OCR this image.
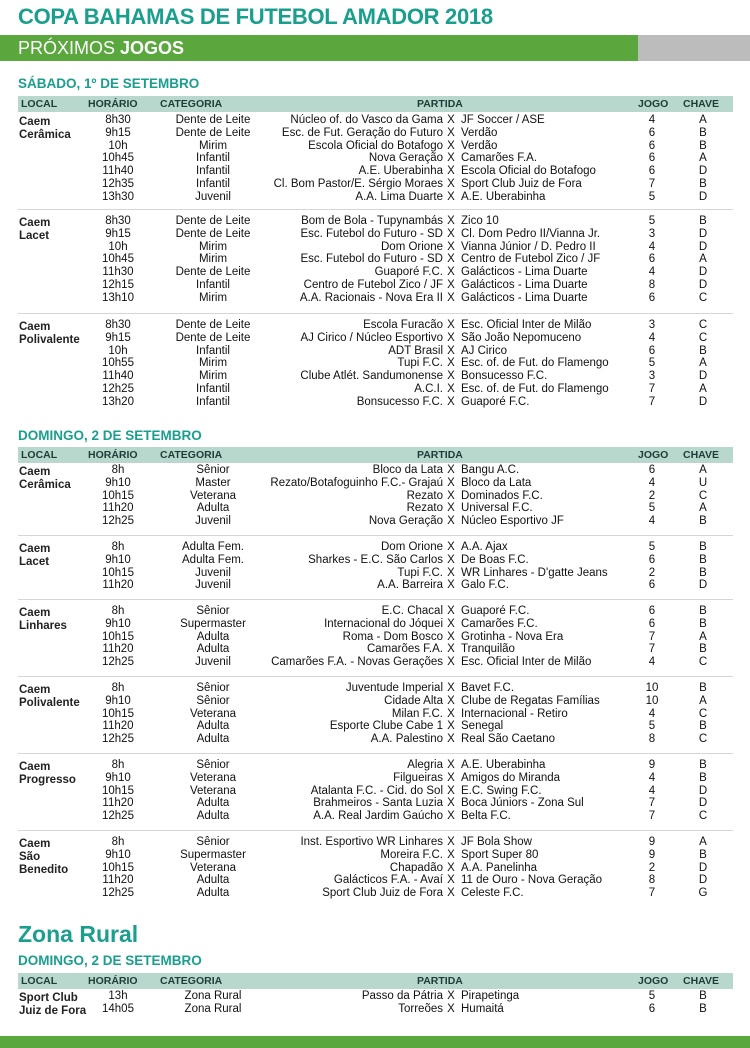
COPA BAHAMAS DE FUTEBOL AMADOR 2018
PRÓXIMOS JOGOS
SÁBADO, 1º DE SETEMBRO
LOCAL	HORÁRIO CATEGORIA	PARTIDA	JOGO CHAVE
Caem
Cerâmica
8h30	Dente de Leite	Núcleo of. do Vasco da Gama X JF Soccer / ASE	4	A
9h15	Dente de Leite	Esc. de Fut. Geração do Futuro X Verdão	6	B
10h	Mirim	Escola Oficial do Botafogo X Verdão	6	B
10h45	Infantil	Nova Geração X Camarões F.A.	6	A
11h40	Infantil	A.E. Uberabinha X Escola Oficial do Botafogo	6	D
12h35	Infantil	Cl. Bom Pastor/E. Sérgio Moraes X Sport Club Juiz de Fora	7	B
13h30	Juvenil	A.A. Lima Duarte X A.E. Uberabinha	5	D
Caem
Lacet
8h30	Dente de Leite	Bom de Bola - Tupynambás X Zico 10	5	B
9h15	Dente de Leite	Esc. Futebol do Futuro - SD X Cl. Dom Pedro II/Vianna Jr.	3	D
10h	Mirim	Dom Orione X Vianna Júnior / D. Pedro II	4	D
10h45	Mirim	Esc. Futebol do Futuro - SD X Centro de Futebol Zico / JF	6	A
11h30	Dente de Leite	Guaporé F.C. X Galácticos - Lima Duarte	4	D
12h15	Infantil	Centro de Futebol Zico / JF X Galácticos - Lima Duarte	8	D
13h10	Mirim	A.A. Racionais - Nova Era II X Galácticos - Lima Duarte	6	C
Caem
Polivalente
8h30	Dente de Leite	Escola Furacão X Esc. Oficial Inter de Milão	3	C
9h15	Dente de Leite	AJ Cirico / Núcleo Esportivo X São João Nepomuceno	4	C
10h	Infantil	ADT Brasil X AJ Cirico	6	B
10h55	Mirim	Tupi F.C. X Esc. of. de Fut. do Flamengo	5	A
11h40	Mirim	Clube Atlét. Sandumonense X Bonsucesso F.C.	3	D
12h25	Infantil	A.C.I. X Esc. of. de Fut. do Flamengo	7	A
13h20	Infantil	Bonsucesso F.C. X Guaporé F.C.	7	D
DOMINGO, 2 DE SETEMBRO
LOCAL	HORÁRIO CATEGORIA	PARTIDA	JOGO CHAVE
Caem
Cerâmica
8h	Sênior	Bloco da Lata X Bangu A.C.	6	A
9h10	Master	Rezato/Botafoguinho F.C.- Grajaú X Bloco da Lata	4	U
10h15	Veterana	Rezato X Dominados F.C.	2	C
11h20	Adulta	Rezato X Universal F.C.	5	A
12h25	Juvenil	Nova Geração X Núcleo Esportivo JF	4	B
Caem
Lacet
8h	Adulta Fem.	Dom Orione X A.A. Ajax	5	B
9h10	Adulta Fem.	Sharkes - E.C. São Carlos X De Boas F.C.	6	B
10h15	Juvenil	Tupi F.C. X WR Linhares - D'gatte Jeans	2	B
11h20	Juvenil	A.A. Barreira X Galo F.C.	6	D
Caem
Linhares
8h	Sênior	E.C. Chacal X Guaporé F.C.	6	B
9h10	Supermaster	Internacional do Jóquei X Camarões F.C.	6	B
10h15	Adulta	Roma - Dom Bosco X Grotinha - Nova Era	7	A
11h20	Adulta	Camarões F.A. X Tranquilão	7	B
12h25	Juvenil	Camarões F.A. - Novas Gerações X Esc. Oficial Inter de Milão	4	C
Caem
Polivalente
8h	Sênior	Juventude Imperial X Bavet F.C.	10	B
9h10	Sênior	Cidade Alta X Clube de Regatas Famílias	10	A
10h15	Veterana	Milan F.C. X Internacional - Retiro	4	C
11h20	Adulta	Esporte Clube Cabe 1 X Senegal	5	B
12h25	Adulta	A.A. Palestino X Real São Caetano	8	C
Caem
Progresso
8h	Sênior	Alegria X A.E. Uberabinha	9	B
9h10	Veterana	Filgueiras X Amigos do Miranda	4	B
10h15	Veterana	Atalanta F.C. - Cid. do Sol X E.C. Swing F.C.	4	D
11h20	Adulta	Brahmeiros - Santa Luzia X Boca Júniors - Zona Sul	7	D
12h25	Adulta	A.A. Real Jardim Gaúcho X Belta F.C.	7	C
Caem
São
Benedito
8h	Sênior	Inst. Esportivo WR Linhares X JF Bola Show	9	A
9h10	Supermaster	Moreira F.C. X Sport Super 80	9	B
10h15	Veterana	Chapadão X A.A. Panelinha	2	D
11h20	Adulta	Galácticos F.A. - Avaí X 11 de Ouro - Nova Geração	8	D
12h25	Adulta	Sport Club Juiz de Fora X Celeste F.C.	7	G
DOMINGO, 2 DE SETEMBRO
LOCAL	HORÁRIO CATEGORIA	PARTIDA	JOGO CHAVE
Sport Club
Juiz de Fora
13h	Zona Rural	Passo da Pátria X Pirapetinga	5	B
14h05	Zona Rural	Torreões X Humaitá	6	B
Zona Rural
